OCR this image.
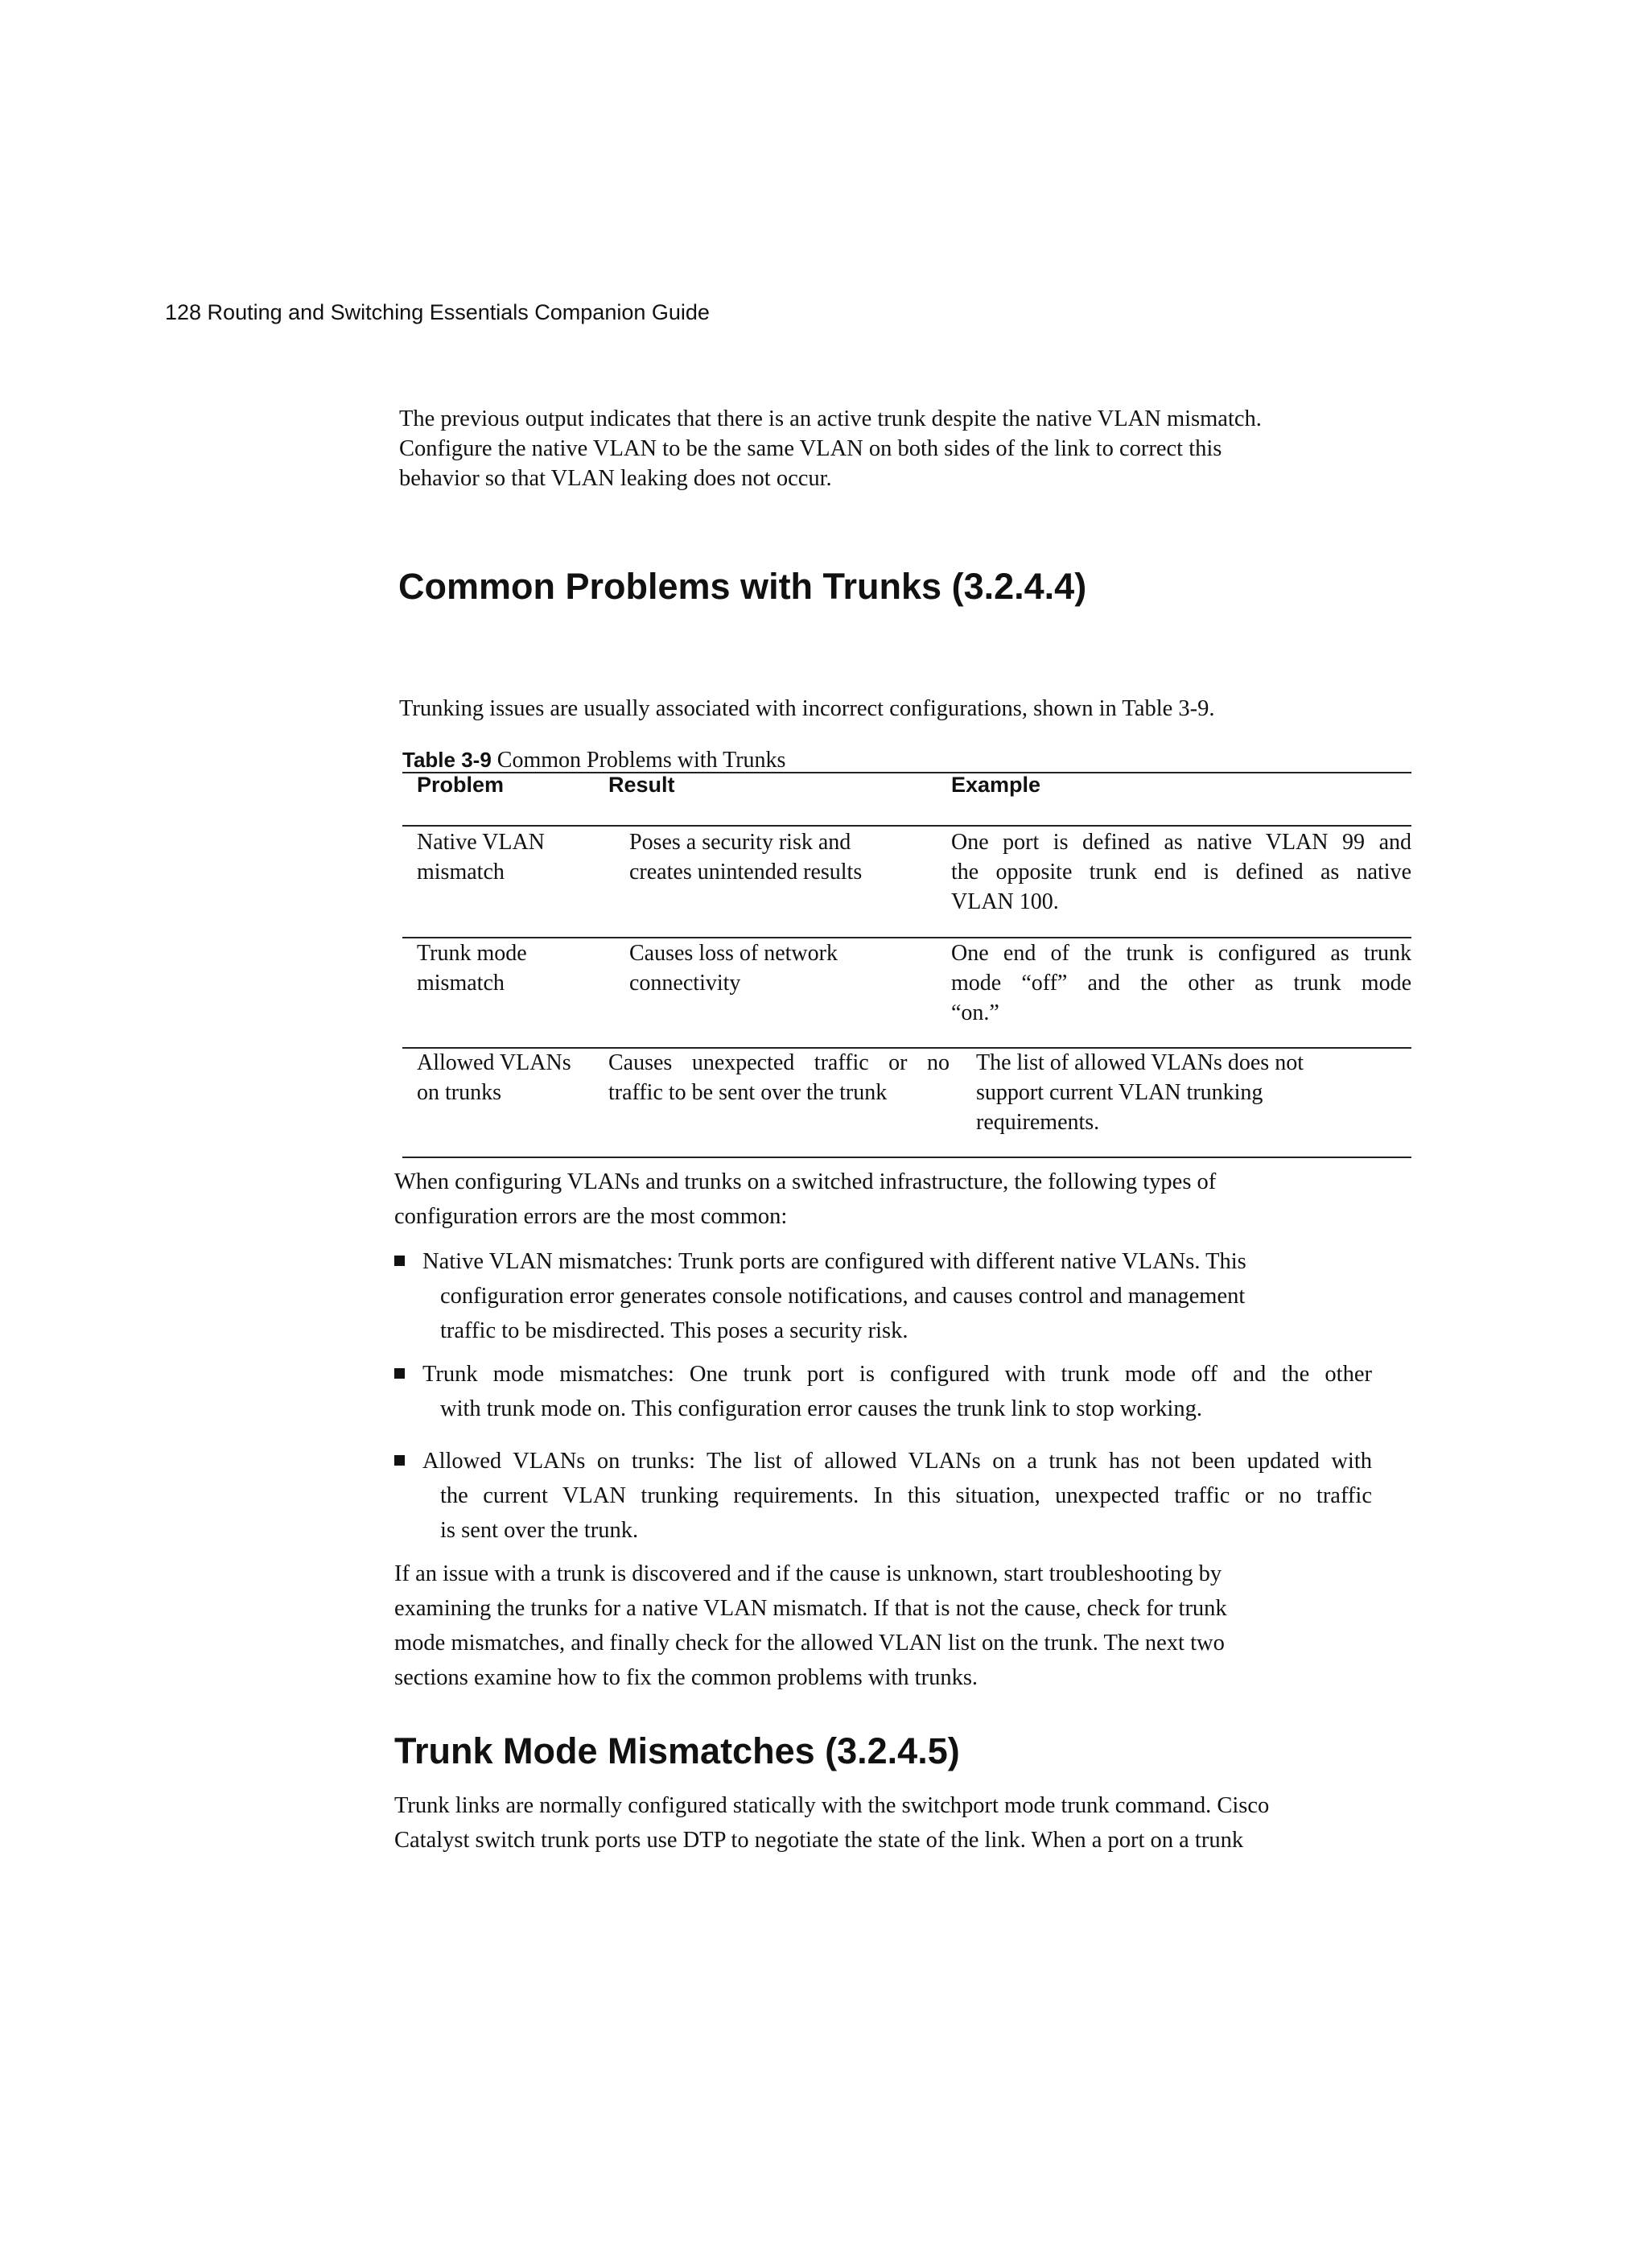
128 Routing and Switching Essentials Companion Guide

The previous output indicates that there is an active trunk despite the native VLAN mismatch.
Configure the native VLAN to be the same VLAN on both sides of the link to correct this
behavior so that VLAN leaking does not occur.

Common Problems with Trunks (3.2.4.4)

Trunking issues are usually associated with incorrect configurations, shown in Table 3-9.

Table 3-9 Common Problems with Trunks
Problem	Result	Example
Native VLAN
mismatch
Poses a security risk and
creates unintended results
One port is defined as native VLAN 99 and
the opposite trunk end is defined as native
VLAN 100.
Trunk mode
mismatch
Causes loss of network
connectivity
One end of the trunk is configured as trunk
mode “off” and the other as trunk mode
“on.”
Allowed VLANs
on trunks
Causes unexpected traffic or no
traffic to be sent over the trunk
The list of allowed VLANs does not
support current VLAN trunking
requirements.

When configuring VLANs and trunks on a switched infrastructure, the following types of
configuration errors are the most common:

Native VLAN mismatches: Trunk ports are configured with different native VLANs. This
configuration error generates console notifications, and causes control and management
traffic to be misdirected. This poses a security risk.
Trunk mode mismatches: One trunk port is configured with trunk mode off and the other
with trunk mode on. This configuration error causes the trunk link to stop working.
Allowed VLANs on trunks: The list of allowed VLANs on a trunk has not been updated with
the current VLAN trunking requirements. In this situation, unexpected traffic or no traffic
is sent over the trunk.

If an issue with a trunk is discovered and if the cause is unknown, start troubleshooting by
examining the trunks for a native VLAN mismatch. If that is not the cause, check for trunk
mode mismatches, and finally check for the allowed VLAN list on the trunk. The next two
sections examine how to fix the common problems with trunks.

Trunk Mode Mismatches (3.2.4.5)

Trunk links are normally configured statically with the switchport mode trunk command. Cisco
Catalyst switch trunk ports use DTP to negotiate the state of the link. When a port on a trunk
